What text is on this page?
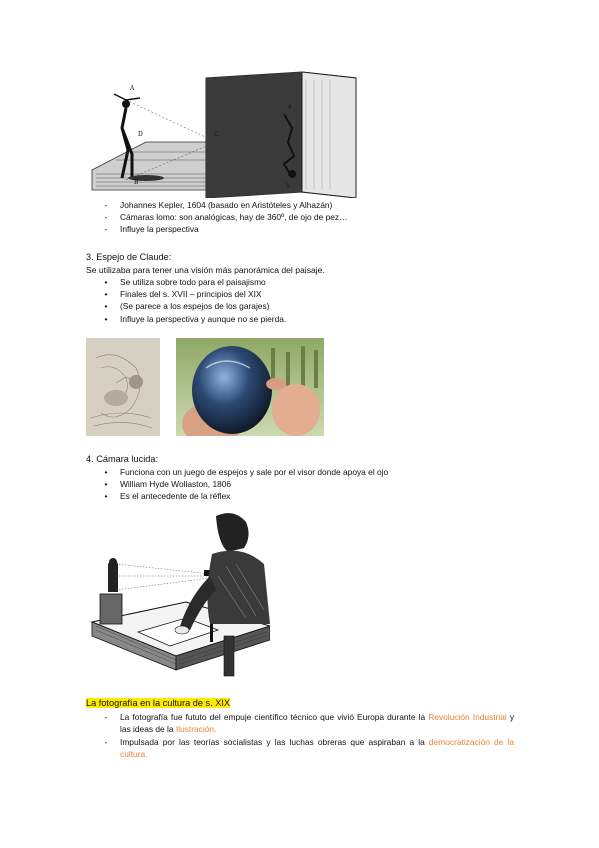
A
D
B
C
a
b
-	Johannes Kepler, 1604 (basado en Aristóteles y Alhazán)
-	Cámaras lomo: son analógicas, hay de 360º, de ojo de pez…
-	Influye la perspectiva
3. Espejo de Claude:
Se utilizaba para tener una visión más panorámica del paisaje.
•	Se utiliza sobre todo para el paisajismo
•	Finales del s. XVII – principios del XIX
•	(Se parece a los espejos de los garajes)
•	Influye la perspectiva y aunque no se pierda.
4. Cámara lucida:
•	Funciona con un juego de espejos y sale por el visor donde apoya el ojo
•	William Hyde Wollaston, 1806
•	Es el antecedente de la réflex
La fotografía en la cultura de s. XIX
-	La fotografía fue fututo del empuje científico técnico que vivió Europa durante la Revolución Industrial y las ideas de la Ilustración.
-	Impulsada por las teorías socialistas y las luchas obreras que aspiraban a la democratización de la cultura.
